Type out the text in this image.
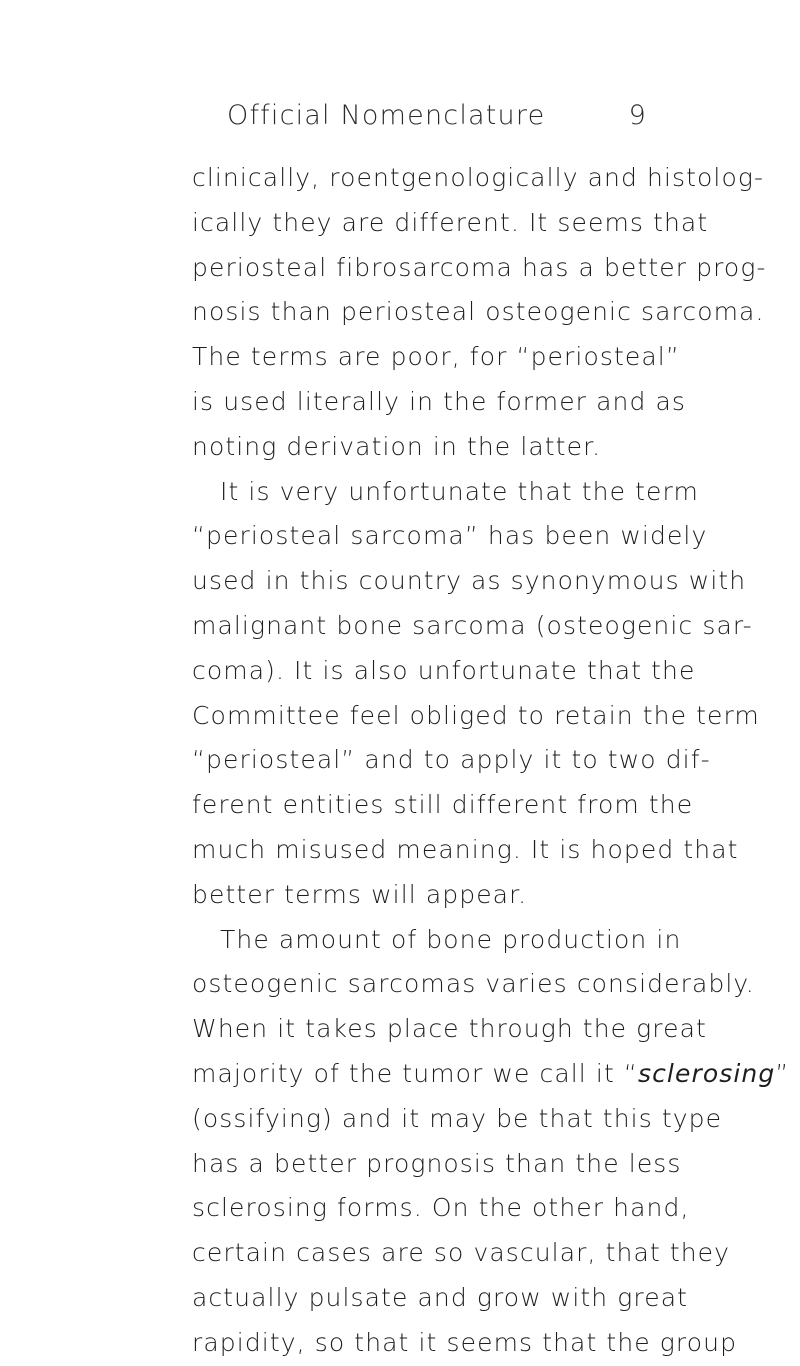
Official Nomenclature	9
clinically, roentgenologically and histolog-
ically they are different. It seems that
periosteal fibrosarcoma has a better prog-
nosis than periosteal osteogenic sarcoma.
The terms are poor, for “periosteal”
is used literally in the former and as
noting derivation in the latter.
It is very unfortunate that the term
“periosteal sarcoma” has been widely
used in this country as synonymous with
malignant bone sarcoma (osteogenic sar-
coma). It is also unfortunate that the
Committee feel obliged to retain the term
“periosteal” and to apply it to two dif-
ferent entities still different from the
much misused meaning. It is hoped that
better terms will appear.
The amount of bone production in
osteogenic sarcomas varies considerably.
When it takes place through the great
majority of the tumor we call it “sclerosing”
(ossifying) and it may be that this type
has a better prognosis than the less
sclerosing forms. On the other hand,
certain cases are so vascular, that they
actually pulsate and grow with great
rapidity, so that it seems that the group
